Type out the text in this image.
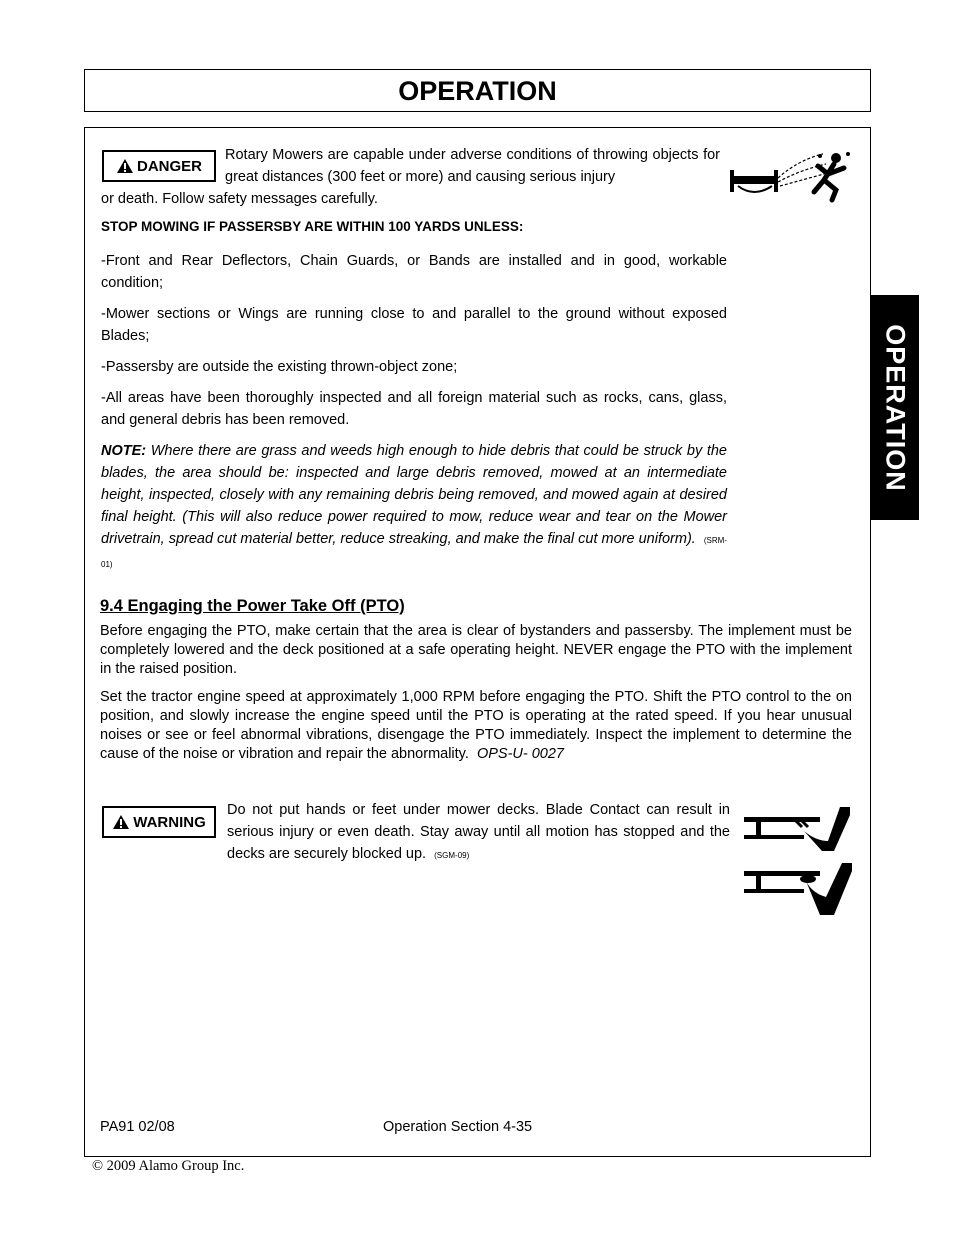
OPERATION
OPERATION
DANGER
Rotary Mowers are capable under adverse conditions of throwing objects for great distances (300 feet or more) and causing serious injury
or death. Follow safety messages carefully.
STOP MOWING IF PASSERSBY ARE WITHIN 100 YARDS UNLESS:
-Front and Rear Deflectors, Chain Guards, or Bands are installed and in good, workable condition;
-Mower sections or Wings are running close to and parallel to the ground without exposed Blades;
-Passersby are outside the existing thrown-object zone;
-All areas have been thoroughly inspected and all foreign material such as rocks, cans, glass, and general debris has been removed.
NOTE: Where there are grass and weeds high enough to hide debris that could be struck by the blades, the area should be: inspected and large debris removed, mowed at an intermediate height, inspected, closely with any remaining debris being removed, and mowed again at desired final height. (This will also reduce power required to mow, reduce wear and tear on the Mower drivetrain, spread cut material better, reduce streaking, and make the final cut more uniform). (SRM-01)
9.4 Engaging the Power Take Off (PTO)
Before engaging the PTO, make certain that the area is clear of bystanders and passersby. The implement must be completely lowered and the deck positioned at a safe operating height. NEVER engage the PTO with the implement in the raised position.
Set the tractor engine speed at approximately 1,000 RPM before engaging the PTO. Shift the PTO control to the on position, and slowly increase the engine speed until the PTO is operating at the rated speed. If you hear unusual noises or see or feel abnormal vibrations, disengage the PTO immediately. Inspect the implement to determine the cause of the noise or vibration and repair the abnormality. OPS-U- 0027
WARNING
Do not put hands or feet under mower decks. Blade Contact can result in serious injury or even death. Stay away until all motion has stopped and the decks are securely blocked up. (SGM-09)
PA91 02/08	Operation Section 4-35
© 2009 Alamo Group Inc.
